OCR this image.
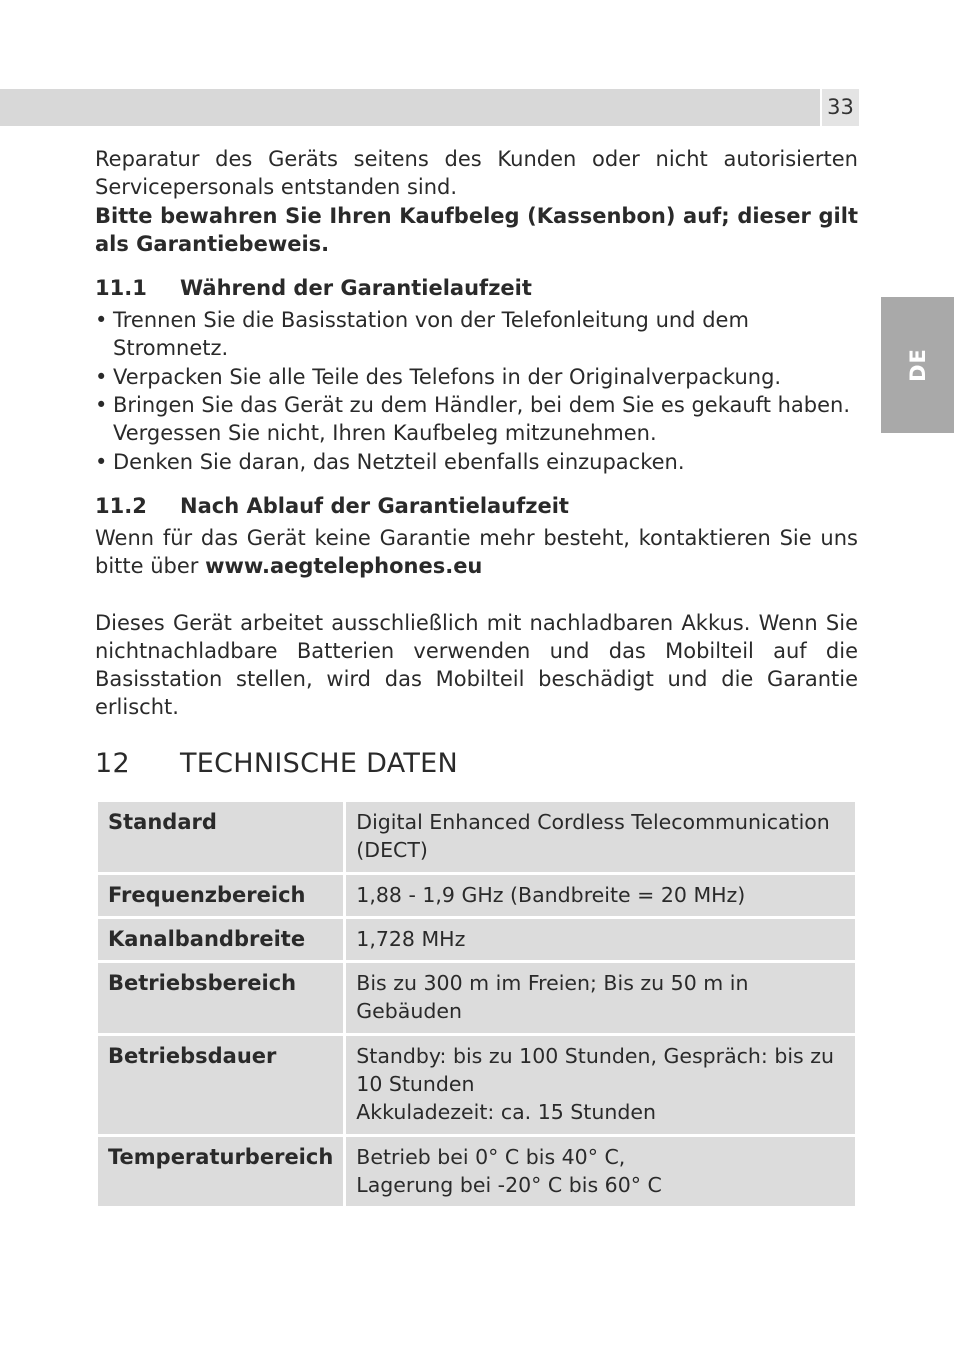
33
DE

Reparatur des Geräts seitens des Kunden oder nicht autorisierten Servicepersonals entstanden sind.

Bitte bewahren Sie Ihren Kaufbeleg (Kassenbon) auf; dieser gilt als Garantiebeweis.

11.1 Während der Garantielaufzeit
• Trennen Sie die Basisstation von der Telefonleitung und dem Stromnetz.
• Verpacken Sie alle Teile des Telefons in der Originalverpackung.
• Bringen Sie das Gerät zu dem Händler, bei dem Sie es gekauft haben. Vergessen Sie nicht, Ihren Kaufbeleg mitzunehmen.
• Denken Sie daran, das Netzteil ebenfalls einzupacken.
11.2 Nach Ablauf der Garantielaufzeit

Wenn für das Gerät keine Garantie mehr besteht, kontaktieren Sie uns bitte über www.aegtelephones.eu

Dieses Gerät arbeitet ausschließlich mit nachladbaren Akkus. Wenn Sie nichtnachladbare Batterien verwenden und das Mobilteil auf die Basisstation stellen, wird das Mobilteil beschädigt und die Garantie erlischt.

12 TECHNISCHE DATEN
Standard	Digital Enhanced Cordless Telecommunication (DECT)

Frequenzbereich	1,88 - 1,9 GHz (Bandbreite = 20 MHz)

Kanalbandbreite	1,728 MHz

Betriebsbereich	Bis zu 300 m im Freien; Bis zu 50 m in Gebäuden

Betriebsdauer	Standby: bis zu 100 Stunden, Gespräch: bis zu 10 Stunden
Akkuladezeit: ca. 15 Stunden

Temperaturbereich	Betrieb bei 0° C bis 40° C,
Lagerung bei -20° C bis 60° C
